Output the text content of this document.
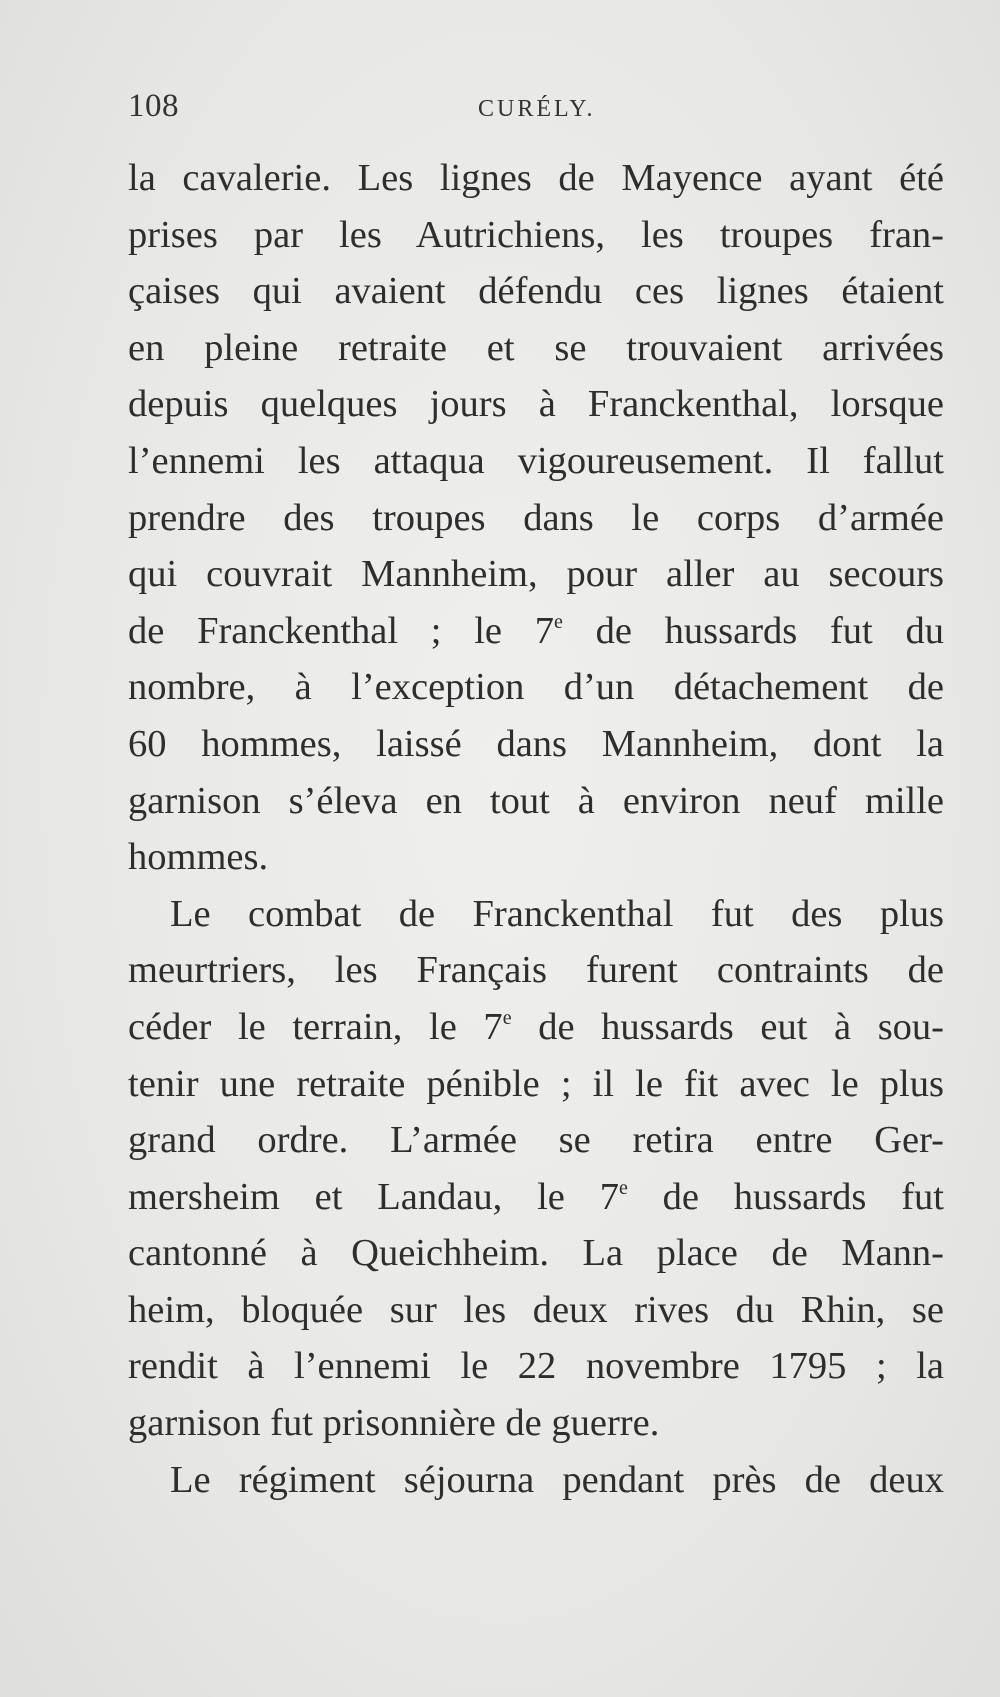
108	CURÉLY.
la cavalerie. Les lignes de Mayence ayant été
prises par les Autrichiens, les troupes fran-
çaises qui avaient défendu ces lignes étaient
en pleine retraite et se trouvaient arrivées
depuis quelques jours à Franckenthal, lorsque
l’ennemi les attaqua vigoureusement. Il fallut
prendre des troupes dans le corps d’armée
qui couvrait Mannheim, pour aller au secours
de Franckenthal ; le 7e de hussards fut du
nombre, à l’exception d’un détachement de
60 hommes, laissé dans Mannheim, dont la
garnison s’éleva en tout à environ neuf mille
hommes.
Le combat de Franckenthal fut des plus
meurtriers, les Français furent contraints de
céder le terrain, le 7e de hussards eut à sou-
tenir une retraite pénible ; il le fit avec le plus
grand ordre. L’armée se retira entre Ger-
mersheim et Landau, le 7e de hussards fut
cantonné à Queichheim. La place de Mann-
heim, bloquée sur les deux rives du Rhin, se
rendit à l’ennemi le 22 novembre 1795 ; la
garnison fut prisonnière de guerre.
Le régiment séjourna pendant près de deux
